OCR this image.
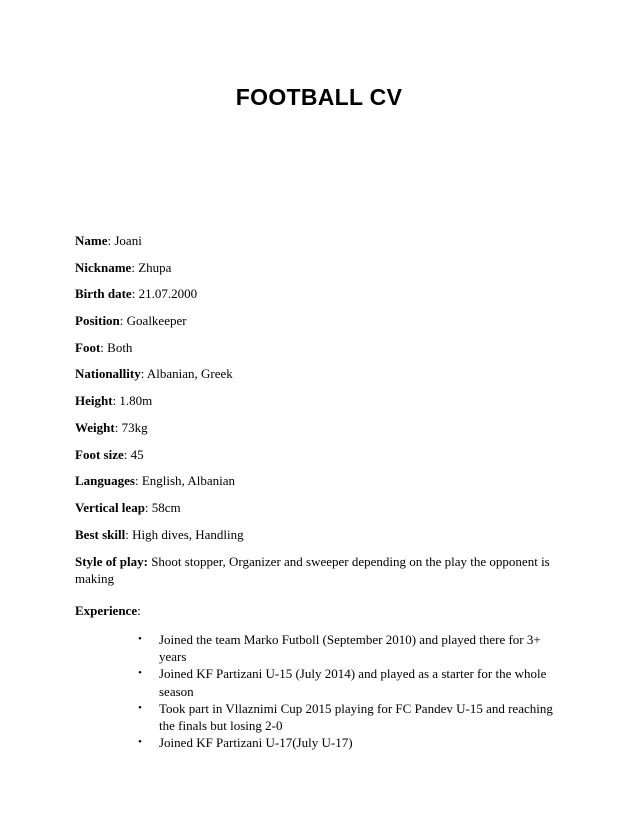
FOOTBALL CV
Name: Joani
Nickname: Zhupa
Birth date: 21.07.2000
Position: Goalkeeper
Foot: Both
Nationallity: Albanian, Greek
Height: 1.80m
Weight: 73kg
Foot size: 45
Languages: English, Albanian
Vertical leap: 58cm
Best skill: High dives, Handling
Style of play: Shoot stopper, Organizer and sweeper depending on the play the opponent is making
Experience:
• Joined the team Marko Futboll (September 2010) and played there for 3+ years
• Joined KF Partizani U-15 (July 2014) and played as a starter for the whole season
• Took part in Vllaznimi Cup 2015 playing for FC Pandev U-15 and reaching the finals but losing 2-0
• Joined KF Partizani U-17(July U-17)
